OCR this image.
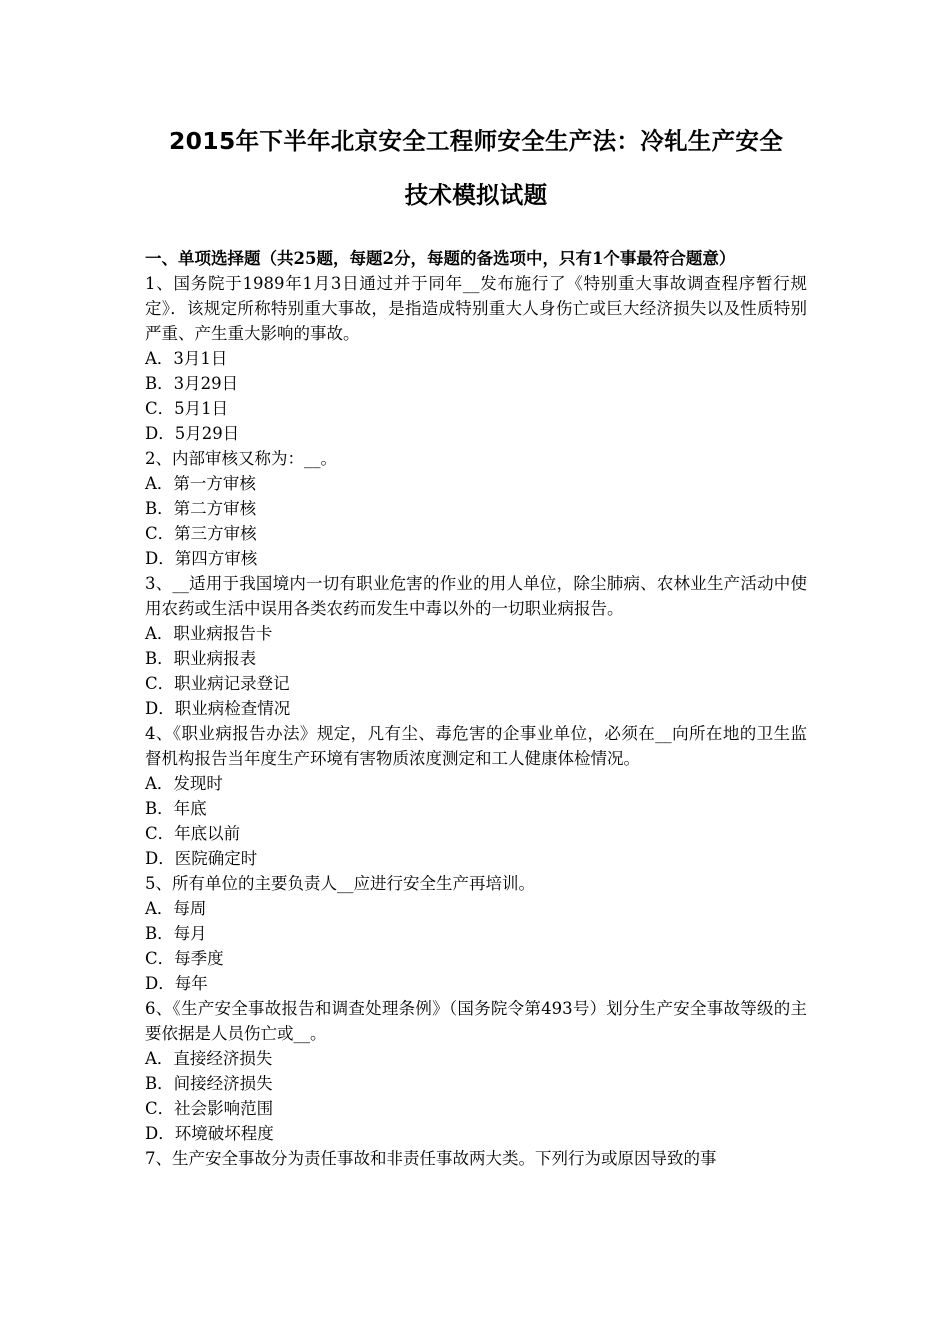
2015年下半年北京安全工程师安全生产法：冷轧生产安全
技术模拟试题

一、单项选择题（共25题，每题2分，每题的备选项中，只有1个事最符合题意）

1、国务院于1989年1月3日通过并于同年__发布施行了《特别重大事故调查程序暂行规定》．该规定所称特别重大事故，是指造成特别重大人身伤亡或巨大经济损失以及性质特别严重、产生重大影响的事故。

A．3月1日

B．3月29日

C．5月1日

D．5月29日

2、内部审核又称为：__。

A．第一方审核

B．第二方审核

C．第三方审核

D．第四方审核

3、__适用于我国境内一切有职业危害的作业的用人单位，除尘肺病、农林业生产活动中使用农药或生活中误用各类农药而发生中毒以外的一切职业病报告。

A．职业病报告卡

B．职业病报表

C．职业病记录登记

D．职业病检查情况

4、《职业病报告办法》规定，凡有尘、毒危害的企事业单位，必须在__向所在地的卫生监督机构报告当年度生产环境有害物质浓度测定和工人健康体检情况。

A．发现时

B．年底

C．年底以前

D．医院确定时

5、所有单位的主要负责人__应进行安全生产再培训。

A．每周

B．每月

C．每季度

D．每年

6、《生产安全事故报告和调查处理条例》（国务院令第493号）划分生产安全事故等级的主要依据是人员伤亡或__。

A．直接经济损失

B．间接经济损失

C．社会影响范围

D．环境破坏程度

7、生产安全事故分为责任事故和非责任事故两大类。下列行为或原因导致的事
